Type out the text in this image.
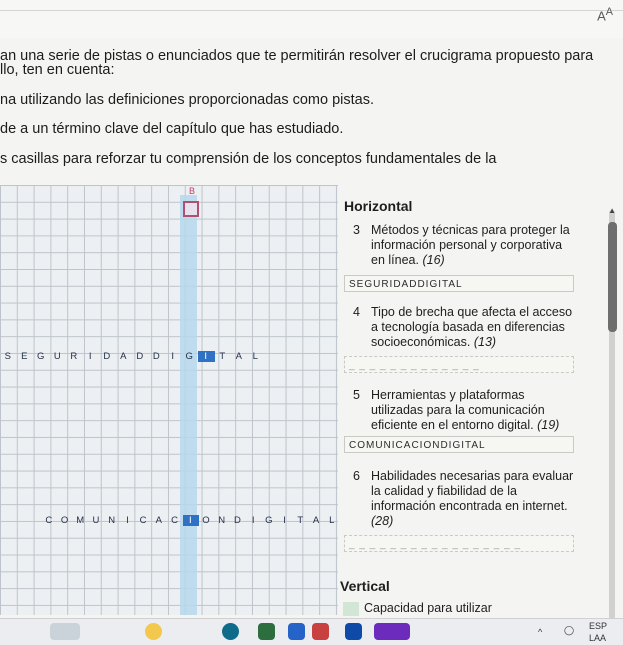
$A^A$
an una serie de pistas o enunciados que te permitirán resolver el crucigrama propuesto para
llo, ten en cuenta:
na utilizando las definiciones proporcionadas como pistas.
de a un término clave del capítulo que has estudiado.
s casillas para reforzar tu comprensión de los conceptos fundamentales de la
B
S E G U R	I	D A D D	I	G	I	T A	L
C O M U N	I	C A C	I	O N D	I	G	I	T A L
Horizontal
3 Métodos y técnicas para proteger la información personal y corporativa en línea. (16)
SEGURIDADDIGITAL
4 Tipo de brecha que afecta el acceso a tecnología basada en diferencias socioeconómicas. (13)
_ _ _ _ _ _ _ _ _ _ _ _ _
5 Herramientas y plataformas utilizadas para la comunicación eficiente en el entorno digital. (19)
COMUNICACIONDIGITAL
6 Habilidades necesarias para evaluar la calidad y fiabilidad de la información encontrada en internet. (28)
_ _ _ _ _ _ _ _ _ _ _ _ _ _ _ _ _
Vertical
Capacidad para utilizar
▲
^ ◯ ESP
LAA
